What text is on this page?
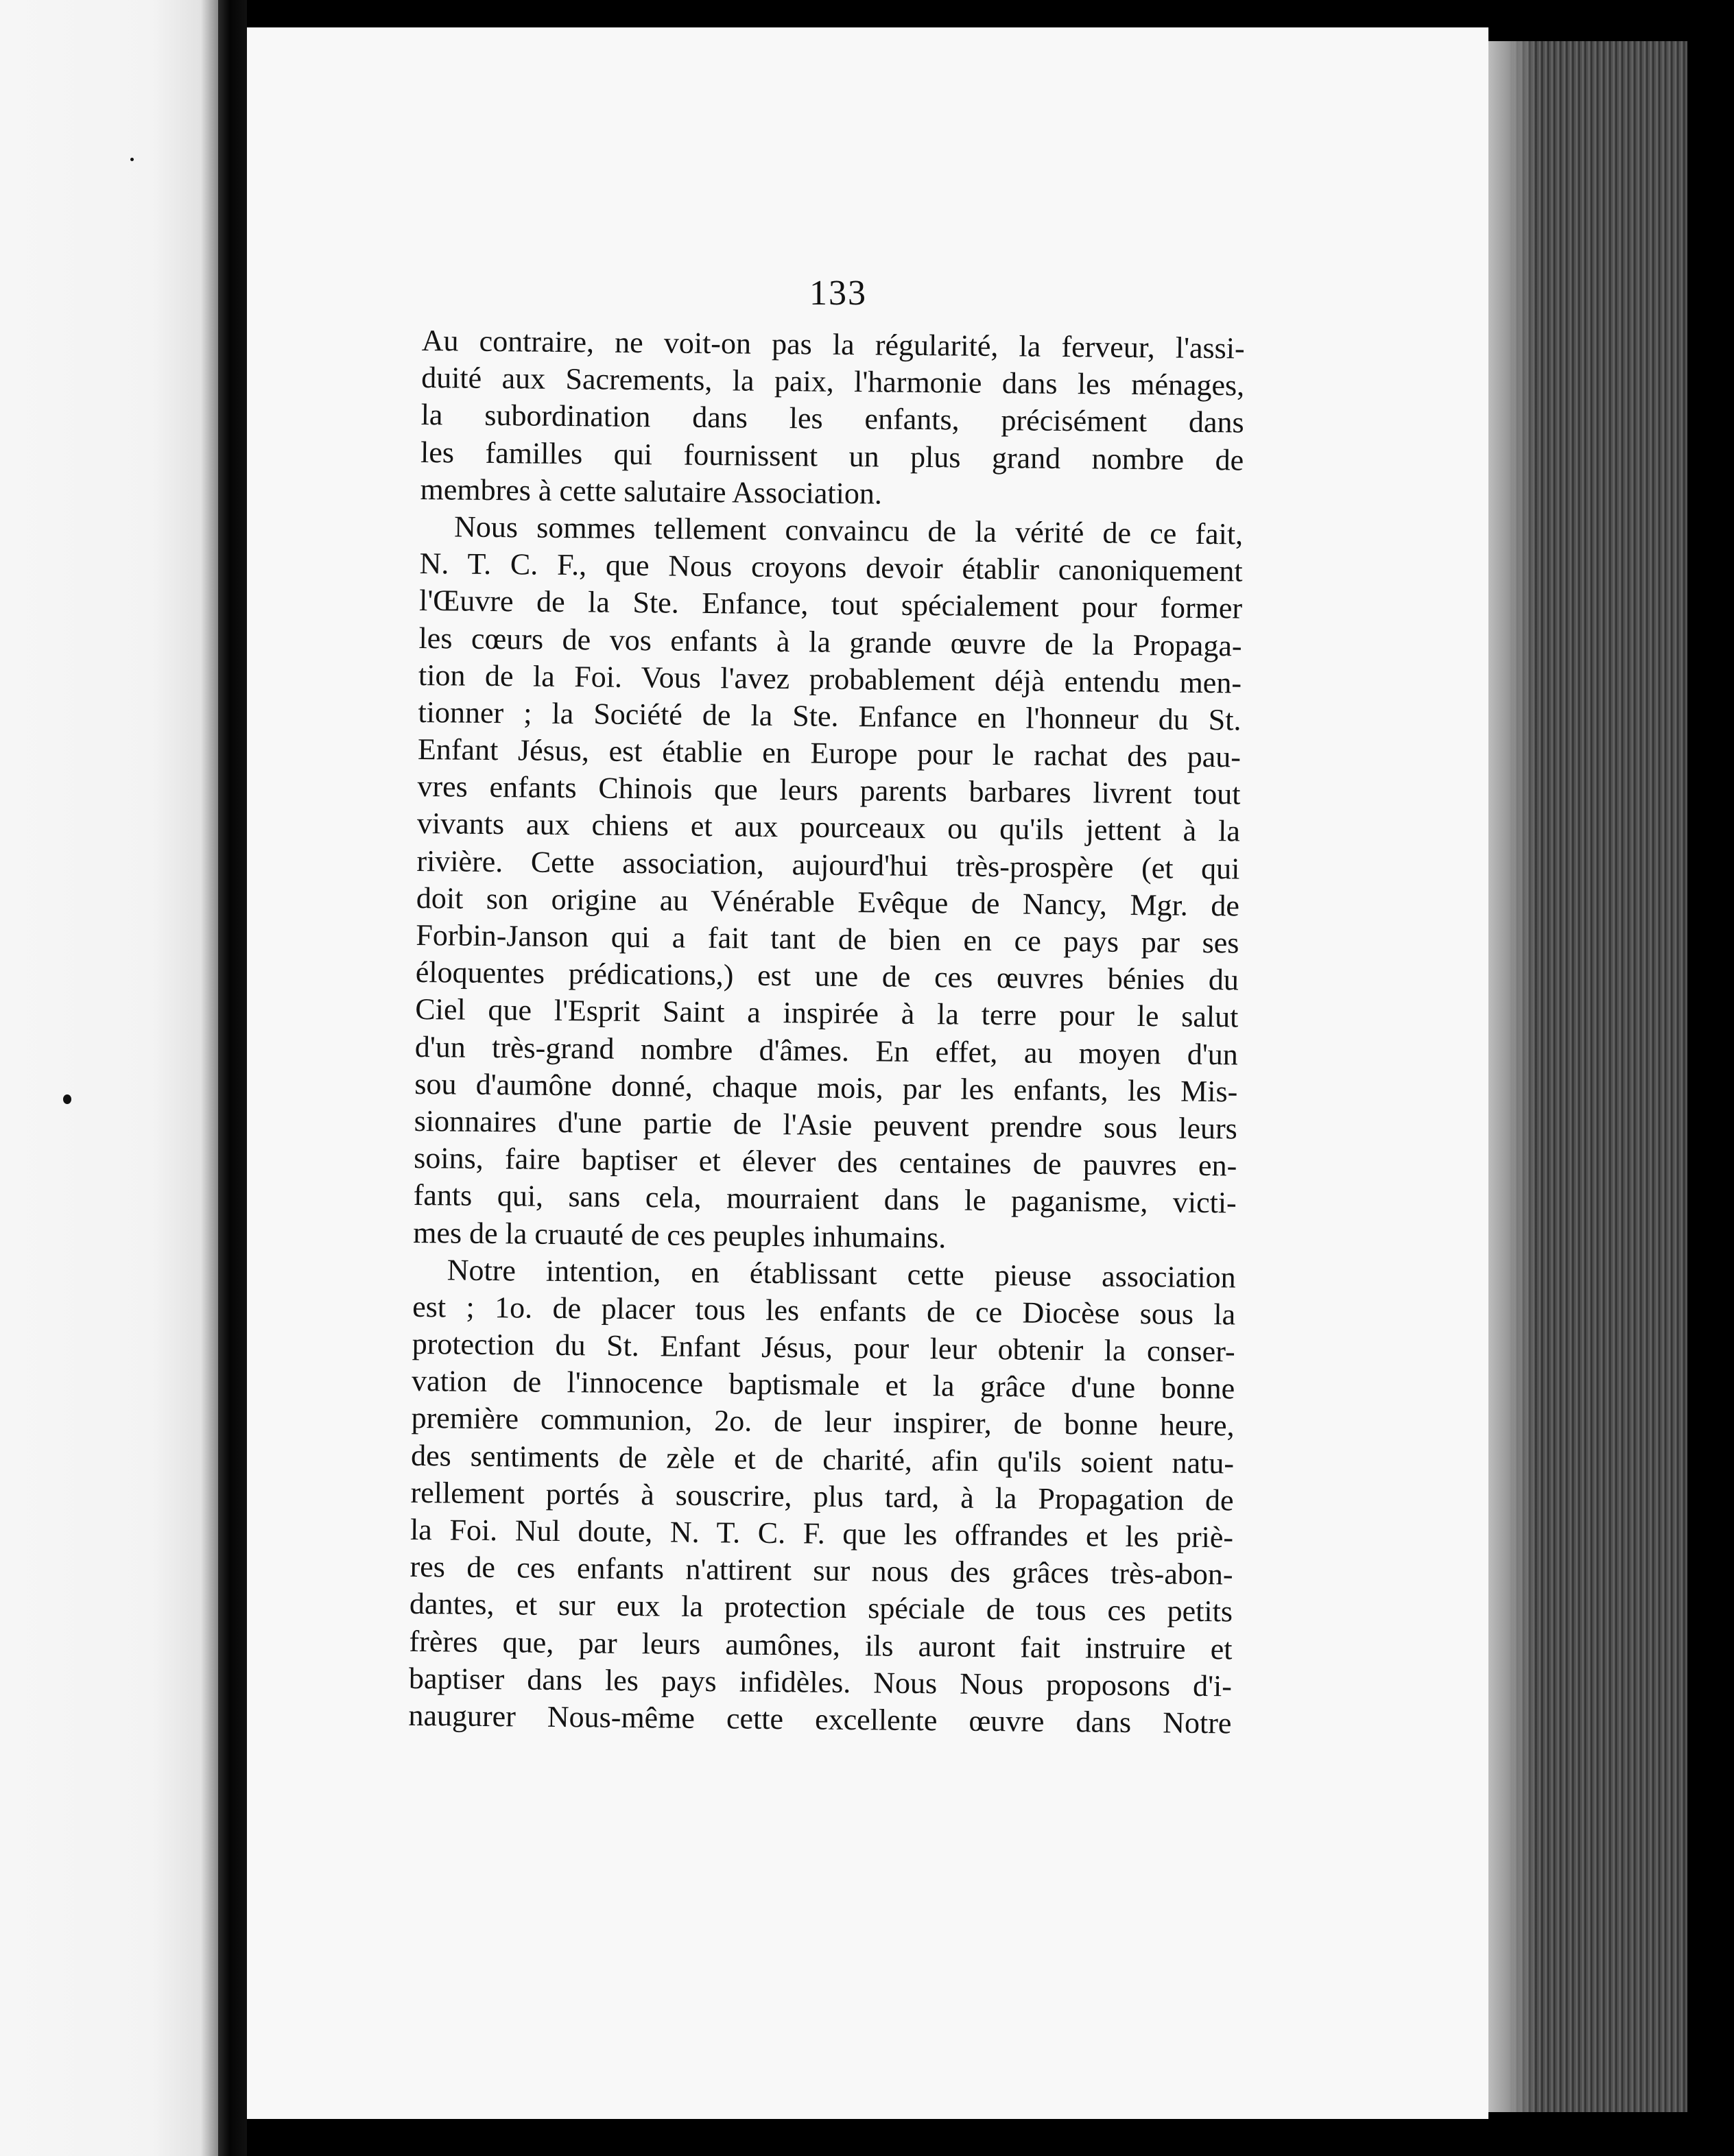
133
Au contraire, ne voit-on pas la régularité, la ferveur, l'assi-
duité aux Sacrements, la paix, l'harmonie dans les ménages,
la subordination dans les enfants, précisément dans
les familles qui fournissent un plus grand nombre de
membres à cette salutaire Association.
Nous sommes tellement convaincu de la vérité de ce fait,
N. T. C. F., que Nous croyons devoir établir canoniquement
l'Œuvre de la Ste. Enfance, tout spécialement pour former
les cœurs de vos enfants à la grande œuvre de la Propaga-
tion de la Foi. Vous l'avez probablement déjà entendu men-
tionner ; la Société de la Ste. Enfance en l'honneur du St.
Enfant Jésus, est établie en Europe pour le rachat des pau-
vres enfants Chinois que leurs parents barbares livrent tout
vivants aux chiens et aux pourceaux ou qu'ils jettent à la
rivière. Cette association, aujourd'hui très-prospère (et qui
doit son origine au Vénérable Evêque de Nancy, Mgr. de
Forbin-Janson qui a fait tant de bien en ce pays par ses
éloquentes prédications,) est une de ces œuvres bénies du
Ciel que l'Esprit Saint a inspirée à la terre pour le salut
d'un très-grand nombre d'âmes. En effet, au moyen d'un
sou d'aumône donné, chaque mois, par les enfants, les Mis-
sionnaires d'une partie de l'Asie peuvent prendre sous leurs
soins, faire baptiser et élever des centaines de pauvres en-
fants qui, sans cela, mourraient dans le paganisme, victi-
mes de la cruauté de ces peuples inhumains.
Notre intention, en établissant cette pieuse association
est ; 1o. de placer tous les enfants de ce Diocèse sous la
protection du St. Enfant Jésus, pour leur obtenir la conser-
vation de l'innocence baptismale et la grâce d'une bonne
première communion, 2o. de leur inspirer, de bonne heure,
des sentiments de zèle et de charité, afin qu'ils soient natu-
rellement portés à souscrire, plus tard, à la Propagation de
la Foi. Nul doute, N. T. C. F. que les offrandes et les priè-
res de ces enfants n'attirent sur nous des grâces très-abon-
dantes, et sur eux la protection spéciale de tous ces petits
frères que, par leurs aumônes, ils auront fait instruire et
baptiser dans les pays infidèles. Nous Nous proposons d'i-
naugurer Nous-même cette excellente œuvre dans Notre
